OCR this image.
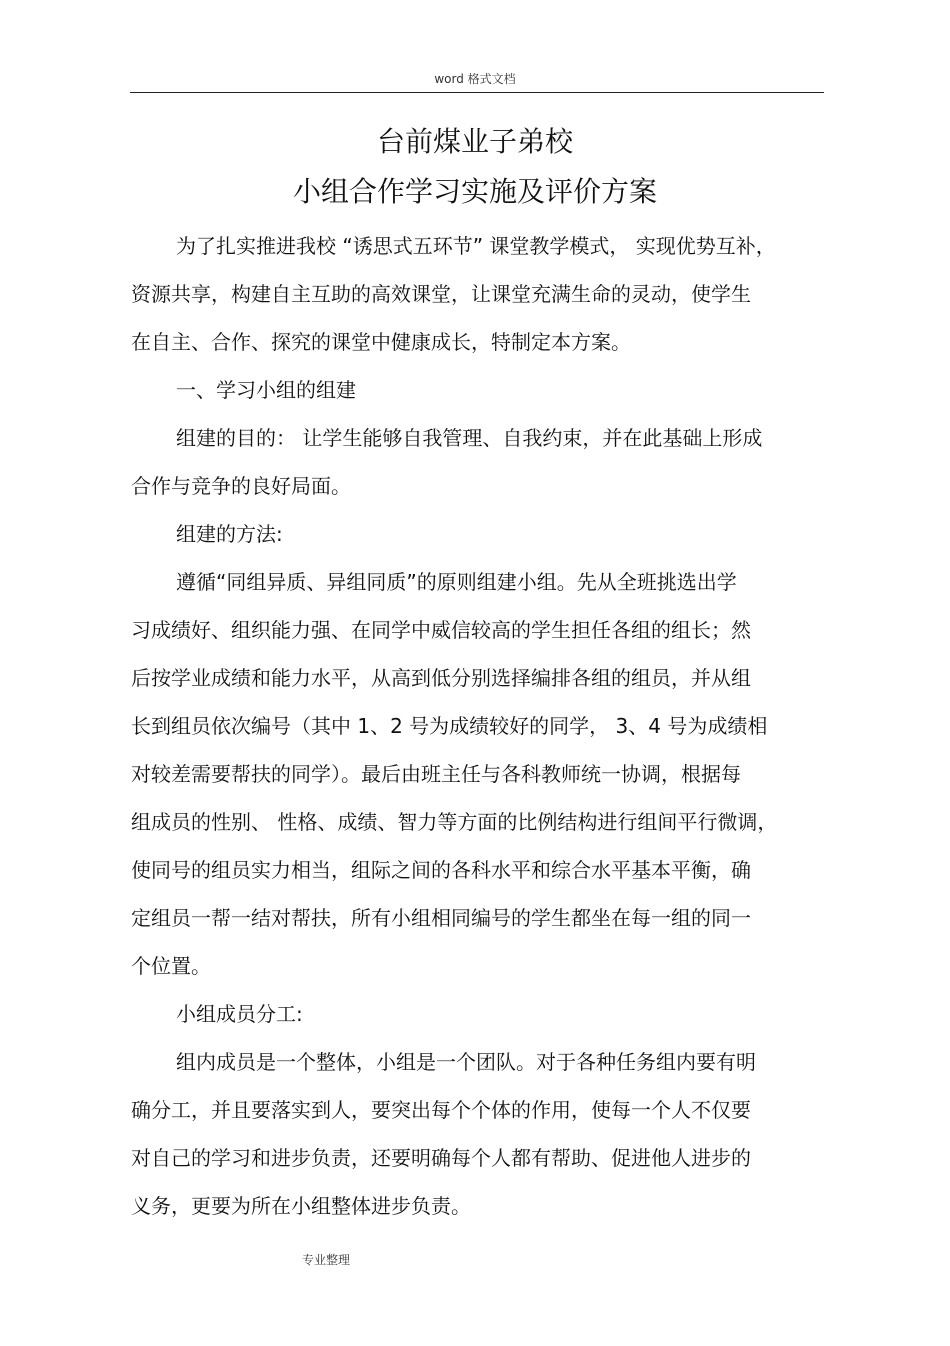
word 格式文档
台前煤业子弟校
小组合作学习实施及评价方案

为了扎实推进我校 “诱思式五环节” 课堂教学模式， 实现优势互补，

资源共享，构建自主互助的高效课堂，让课堂充满生命的灵动，使学生

在自主、合作、探究的课堂中健康成长，特制定本方案。

一、学习小组的组建

组建的目的： 让学生能够自我管理、自我约束，并在此基础上形成

合作与竞争的良好局面。

组建的方法:

遵循“同组异质、异组同质”的原则组建小组。先从全班挑选出学

习成绩好、组织能力强、在同学中威信较高的学生担任各组的组长；然

后按学业成绩和能力水平，从高到低分别选择编排各组的组员，并从组

长到组员依次编号（其中 1、2 号为成绩较好的同学， 3、4 号为成绩相

对较差需要帮扶的同学）。最后由班主任与各科教师统一协调，根据每

组成员的性别、 性格、成绩、智力等方面的比例结构进行组间平行微调，

使同号的组员实力相当，组际之间的各科水平和综合水平基本平衡，确

定组员一帮一结对帮扶，所有小组相同编号的学生都坐在每一组的同一

个位置。

小组成员分工:

组内成员是一个整体，小组是一个团队。对于各种任务组内要有明

确分工，并且要落实到人，要突出每个个体的作用，使每一个人不仅要

对自己的学习和进步负责，还要明确每个人都有帮助、促进他人进步的

义务，更要为所在小组整体进步负责。

专业整理
